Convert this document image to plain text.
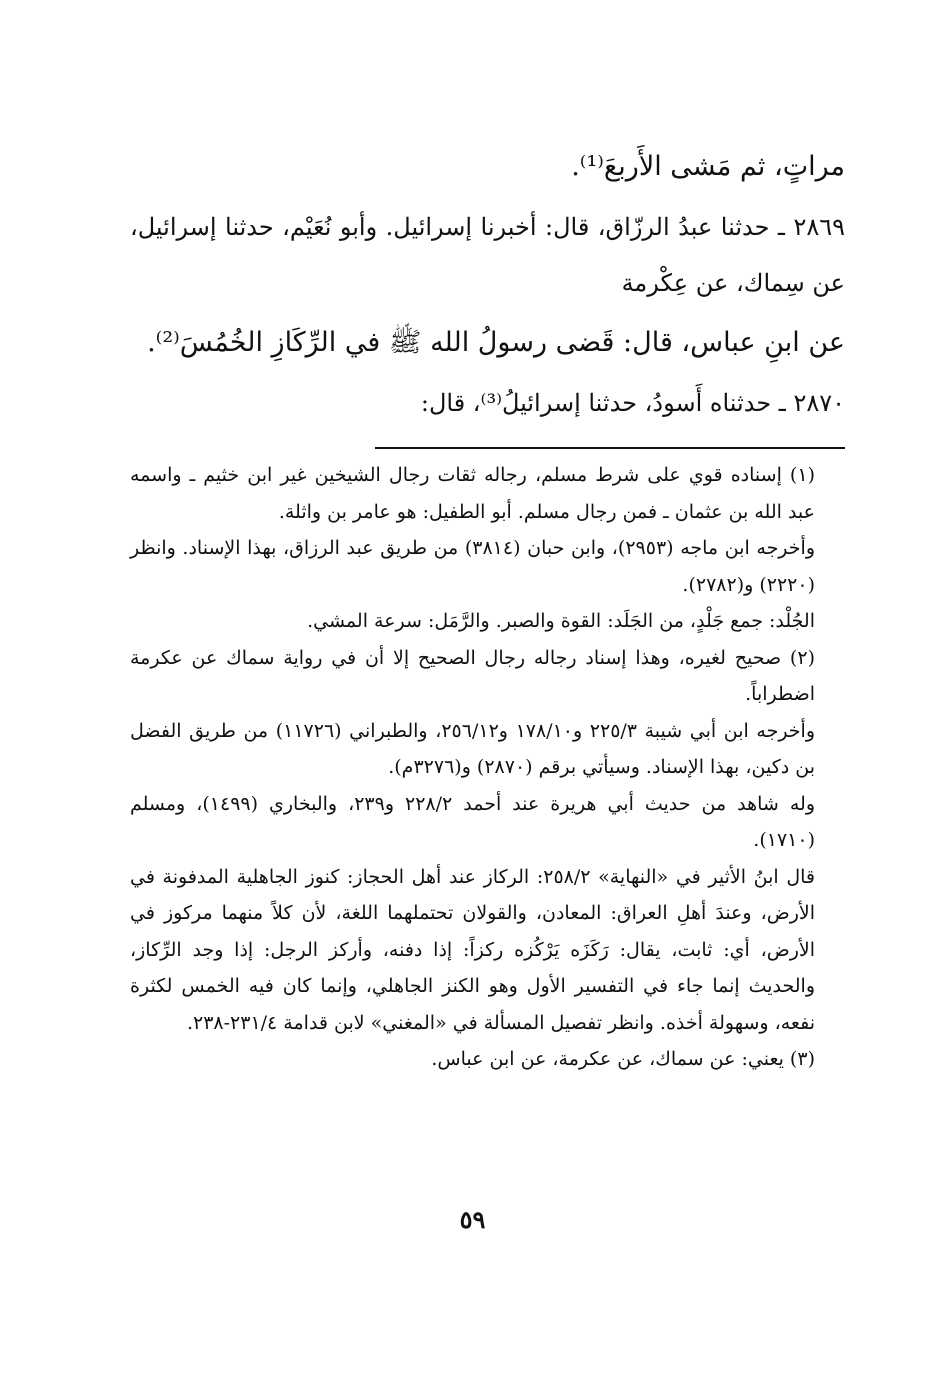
مراتٍ، ثم مَشى الأَربعَ⁽¹⁾.

٢٨٦٩ ـ حدثنا عبدُ الرزّاق، قال: أخبرنا إسرائيل. وأبو نُعَيْم، حدثنا إسرائيل، عن سِماك، عن عِكْرمة

عن ابنِ عباس، قال: قَضى رسولُ الله ﷺ في الرِّكَازِ الخُمُسَ⁽²⁾.

٢٨٧٠ ـ حدثناه أَسودُ، حدثنا إسرائيلُ⁽³⁾، قال:

(١) إسناده قوي على شرط مسلم، رجاله ثقات رجال الشيخين غير ابن خثيم ـ واسمه عبد الله بن عثمان ـ فمن رجال مسلم. أبو الطفيل: هو عامر بن واثلة.

وأخرجه ابن ماجه (٢٩٥٣)، وابن حبان (٣٨١٤) من طريق عبد الرزاق، بهذا الإسناد. وانظر (٢٢٢٠) و(٢٧٨٢).

الجُلْد: جمع جَلْدٍ، من الجَلَد: القوة والصبر. والرَّمَل: سرعة المشي.

(٢) صحيح لغيره، وهذا إسناد رجاله رجال الصحيح إلا أن في رواية سماك عن عكرمة اضطراباً.

وأخرجه ابن أبي شيبة ٢٢٥/٣ و١٧٨/١٠ و٢٥٦/١٢، والطبراني (١١٧٢٦) من طريق الفضل بن دكين، بهذا الإسناد. وسيأتي برقم (٢٨٧٠) و(٣٢٧٦م).

وله شاهد من حديث أبي هريرة عند أحمد ٢٢٨/٢ و٢٣٩، والبخاري (١٤٩٩)، ومسلم (١٧١٠).

قال ابنُ الأثير في «النهاية» ٢٥٨/٢: الركاز عند أهل الحجاز: كنوز الجاهلية المدفونة في الأرض، وعندَ أهلِ العراق: المعادن، والقولان تحتملهما اللغة، لأن كلاً منهما مركوز في الأرض، أي: ثابت، يقال: رَكَزَه يَرْكُزه ركزاً: إذا دفنه، وأركز الرجل: إذا وجد الرِّكاز، والحديث إنما جاء في التفسير الأول وهو الكنز الجاهلي، وإنما كان فيه الخمس لكثرة نفعه، وسهولة أخذه. وانظر تفصيل المسألة في «المغني» لابن قدامة ٢٣١/٤-٢٣٨.

(٣) يعني: عن سماك، عن عكرمة، عن ابن عباس.

٥٩
